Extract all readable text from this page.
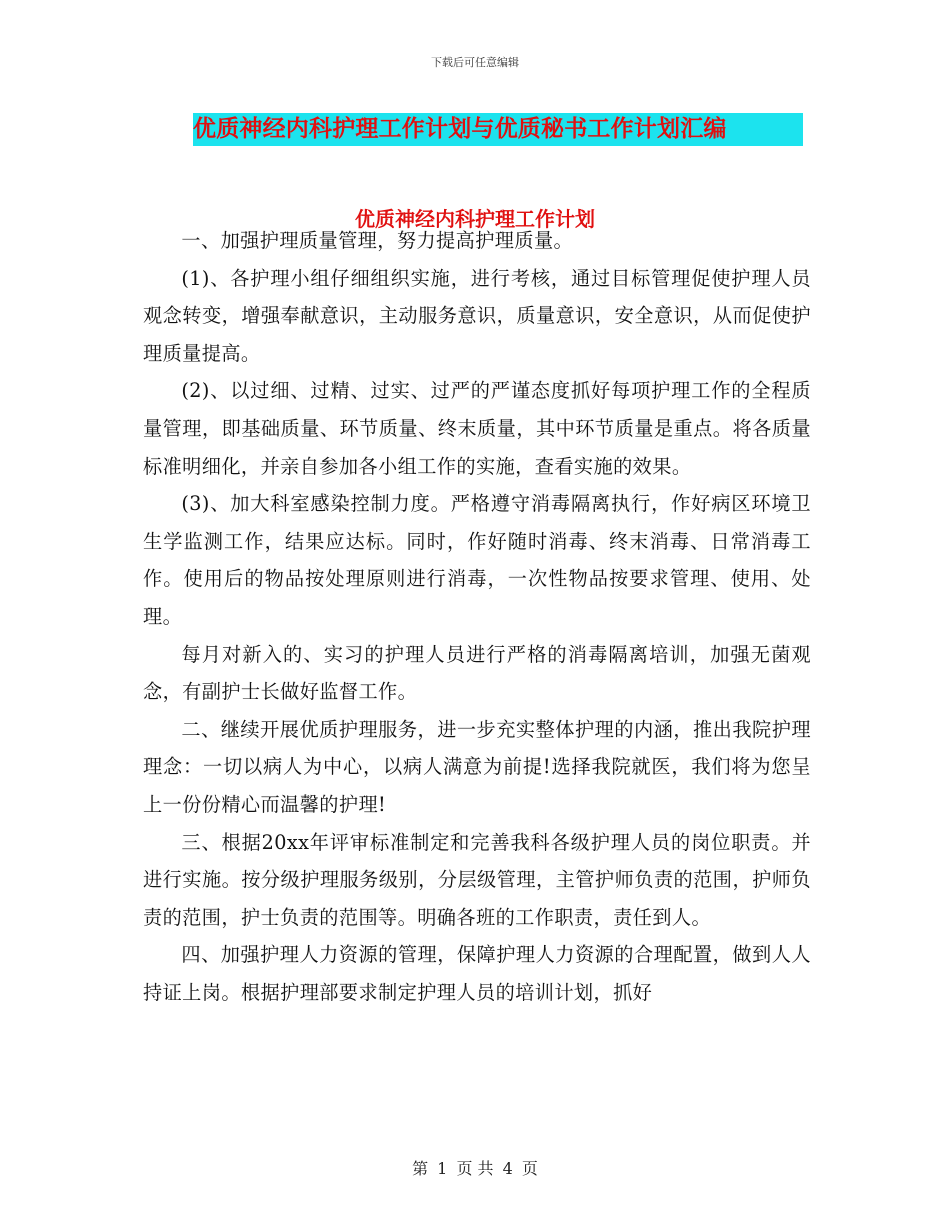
下载后可任意编辑
优质神经内科护理工作计划与优质秘书工作计划汇编
优质神经内科护理工作计划

一、加强护理质量管理，努力提高护理质量。

(1)、各护理小组仔细组织实施，进行考核，通过目标管理促使护理人员观念转变，增强奉献意识，主动服务意识，质量意识，安全意识，从而促使护理质量提高。

(2)、以过细、过精、过实、过严的严谨态度抓好每项护理工作的全程质量管理，即基础质量、环节质量、终末质量，其中环节质量是重点。将各质量标准明细化，并亲自参加各小组工作的实施，查看实施的效果。

(3)、加大科室感染控制力度。严格遵守消毒隔离执行，作好病区环境卫生学监测工作，结果应达标。同时，作好随时消毒、终末消毒、日常消毒工作。使用后的物品按处理原则进行消毒，一次性物品按要求管理、使用、处理。

每月对新入的、实习的护理人员进行严格的消毒隔离培训，加强无菌观念，有副护士长做好监督工作。

二、继续开展优质护理服务，进一步充实整体护理的内涵，推出我院护理理念：一切以病人为中心，以病人满意为前提!选择我院就医，我们将为您呈上一份份精心而温馨的护理!

三、根据20xx年评审标准制定和完善我科各级护理人员的岗位职责。并进行实施。按分级护理服务级别，分层级管理，主管护师负责的范围，护师负责的范围，护士负责的范围等。明确各班的工作职责，责任到人。

四、加强护理人力资源的管理，保障护理人力资源的合理配置，做到人人持证上岗。根据护理部要求制定护理人员的培训计划，抓好

第 1 页 共 4 页
